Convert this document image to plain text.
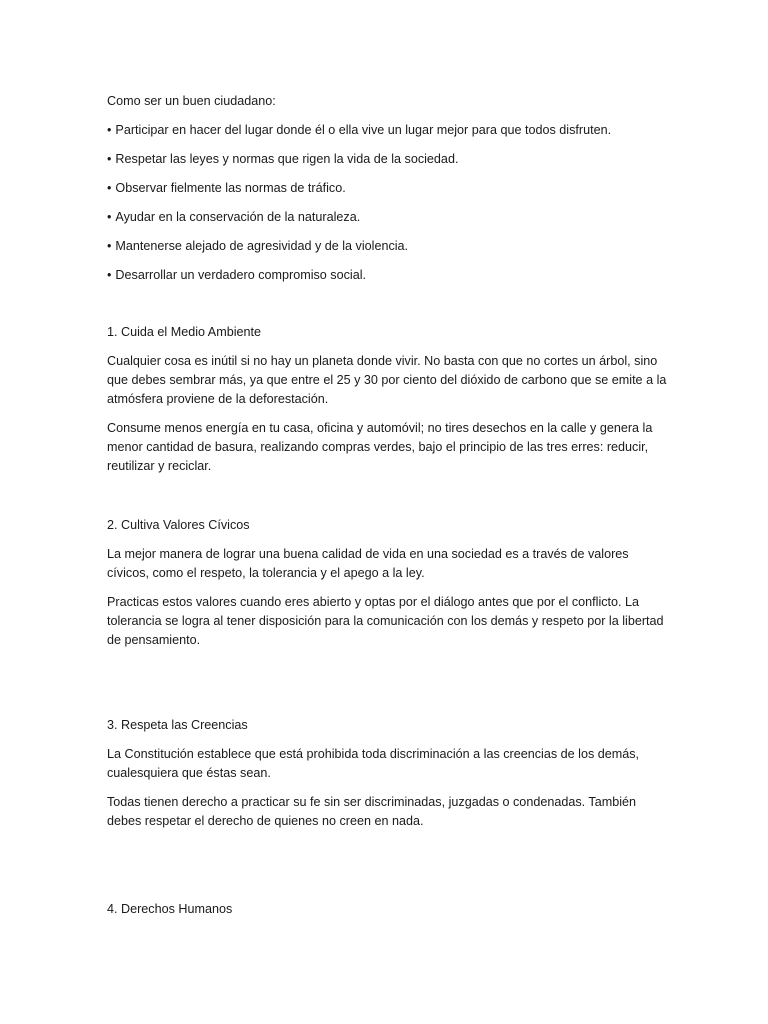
Como ser un buen ciudadano:

• Participar en hacer del lugar donde él o ella vive un lugar mejor para que todos disfruten.
• Respetar las leyes y normas que rigen la vida de la sociedad.
• Observar fielmente las normas de tráfico.
• Ayudar en la conservación de la naturaleza.
• Mantenerse alejado de agresividad y de la violencia.
• Desarrollar un verdadero compromiso social.

1. Cuida el Medio Ambiente

Cualquier cosa es inútil si no hay un planeta donde vivir. No basta con que no cortes un árbol, sino que debes sembrar más, ya que entre el 25 y 30 por ciento del dióxido de carbono que se emite a la atmósfera proviene de la deforestación.

Consume menos energía en tu casa, oficina y automóvil; no tires desechos en la calle y genera la menor cantidad de basura, realizando compras verdes, bajo el principio de las tres erres: reducir, reutilizar y reciclar.

2. Cultiva Valores Cívicos

La mejor manera de lograr una buena calidad de vida en una sociedad es a través de valores cívicos, como el respeto, la tolerancia y el apego a la ley.

Practicas estos valores cuando eres abierto y optas por el diálogo antes que por el conflicto. La tolerancia se logra al tener disposición para la comunicación con los demás y respeto por la libertad de pensamiento.

3. Respeta las Creencias

La Constitución establece que está prohibida toda discriminación a las creencias de los demás, cualesquiera que éstas sean.

Todas tienen derecho a practicar su fe sin ser discriminadas, juzgadas o condenadas. También debes respetar el derecho de quienes no creen en nada.

4. Derechos Humanos
